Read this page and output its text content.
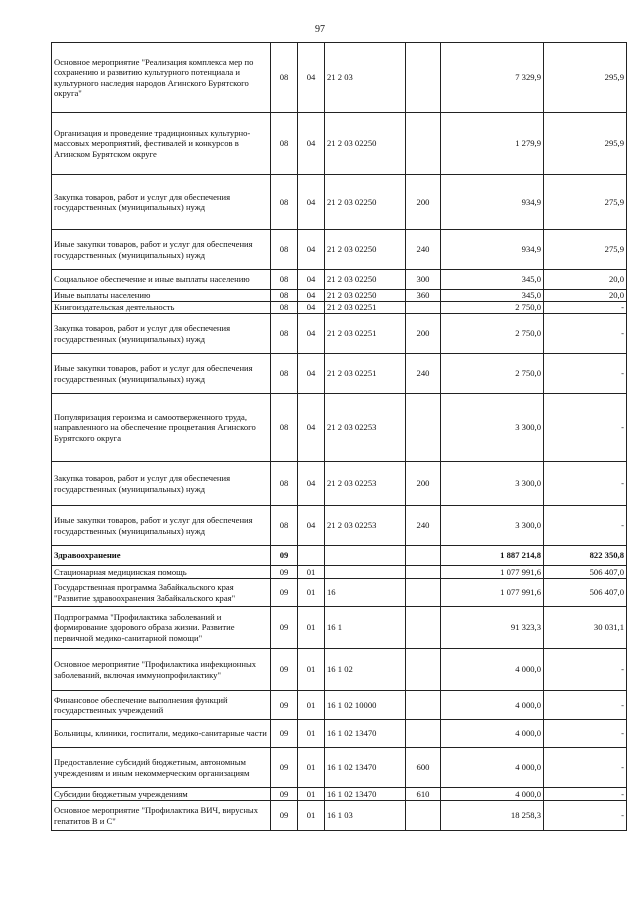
97
Основное мероприятие "Реализация комплекса мер по сохранению и развитию культурного потенциала и культурного наследия народов Агинского Бурятского округа"	08	04	21 2 03		7 329,9	295,9
Организация и проведение традиционных культурно-массовых мероприятий, фестивалей и конкурсов в Агинском Бурятском округе	08	04	21 2 03 02250		1 279,9	295,9
Закупка товаров, работ и услуг для обеспечения государственных (муниципальных) нужд	08	04	21 2 03 02250	200	934,9	275,9
Иные закупки товаров, работ и услуг для обеспечения государственных (муниципальных) нужд	08	04	21 2 03 02250	240	934,9	275,9
Социальное обеспечение и иные выплаты населению	08	04	21 2 03 02250	300	345,0	20,0
Иные выплаты населению	08	04	21 2 03 02250	360	345,0	20,0
Книгоиздательская деятельность	08	04	21 2 03 02251		2 750,0	-
Закупка товаров, работ и услуг для обеспечения государственных (муниципальных) нужд	08	04	21 2 03 02251	200	2 750,0	-
Иные закупки товаров, работ и услуг для обеспечения государственных (муниципальных) нужд	08	04	21 2 03 02251	240	2 750,0	-
Популяризация героизма и самоотверженного труда, направленного на обеспечение процветания Агинского Бурятского округа	08	04	21 2 03 02253		3 300,0	-
Закупка товаров, работ и услуг для обеспечения государственных (муниципальных) нужд	08	04	21 2 03 02253	200	3 300,0	-
Иные закупки товаров, работ и услуг для обеспечения государственных (муниципальных) нужд	08	04	21 2 03 02253	240	3 300,0	-
Здравоохранение	09				1 887 214,8	822 350,8
Стационарная медицинская помощь	09	01			1 077 991,6	506 407,0
Государственная программа Забайкальского края "Развитие здравоохранения Забайкальского края"	09	01	16		1 077 991,6	506 407,0
Подпрограмма "Профилактика заболеваний и формирование здорового образа жизни. Развитие первичной медико-санитарной помощи"	09	01	16 1		91 323,3	30 031,1
Основное мероприятие "Профилактика инфекционных заболеваний, включая иммунопрофилактику"	09	01	16 1 02		4 000,0	-
Финансовое обеспечение выполнения функций государственных учреждений	09	01	16 1 02 10000		4 000,0	-
Больницы, клиники, госпитали, медико-санитарные части	09	01	16 1 02 13470		4 000,0	-
Предоставление субсидий бюджетным, автономным учреждениям и иным некоммерческим организациям	09	01	16 1 02 13470	600	4 000,0	-
Субсидии бюджетным учреждениям	09	01	16 1 02 13470	610	4 000,0	-
Основное мероприятие "Профилактика ВИЧ, вирусных гепатитов В и С"	09	01	16 1 03		18 258,3	-
